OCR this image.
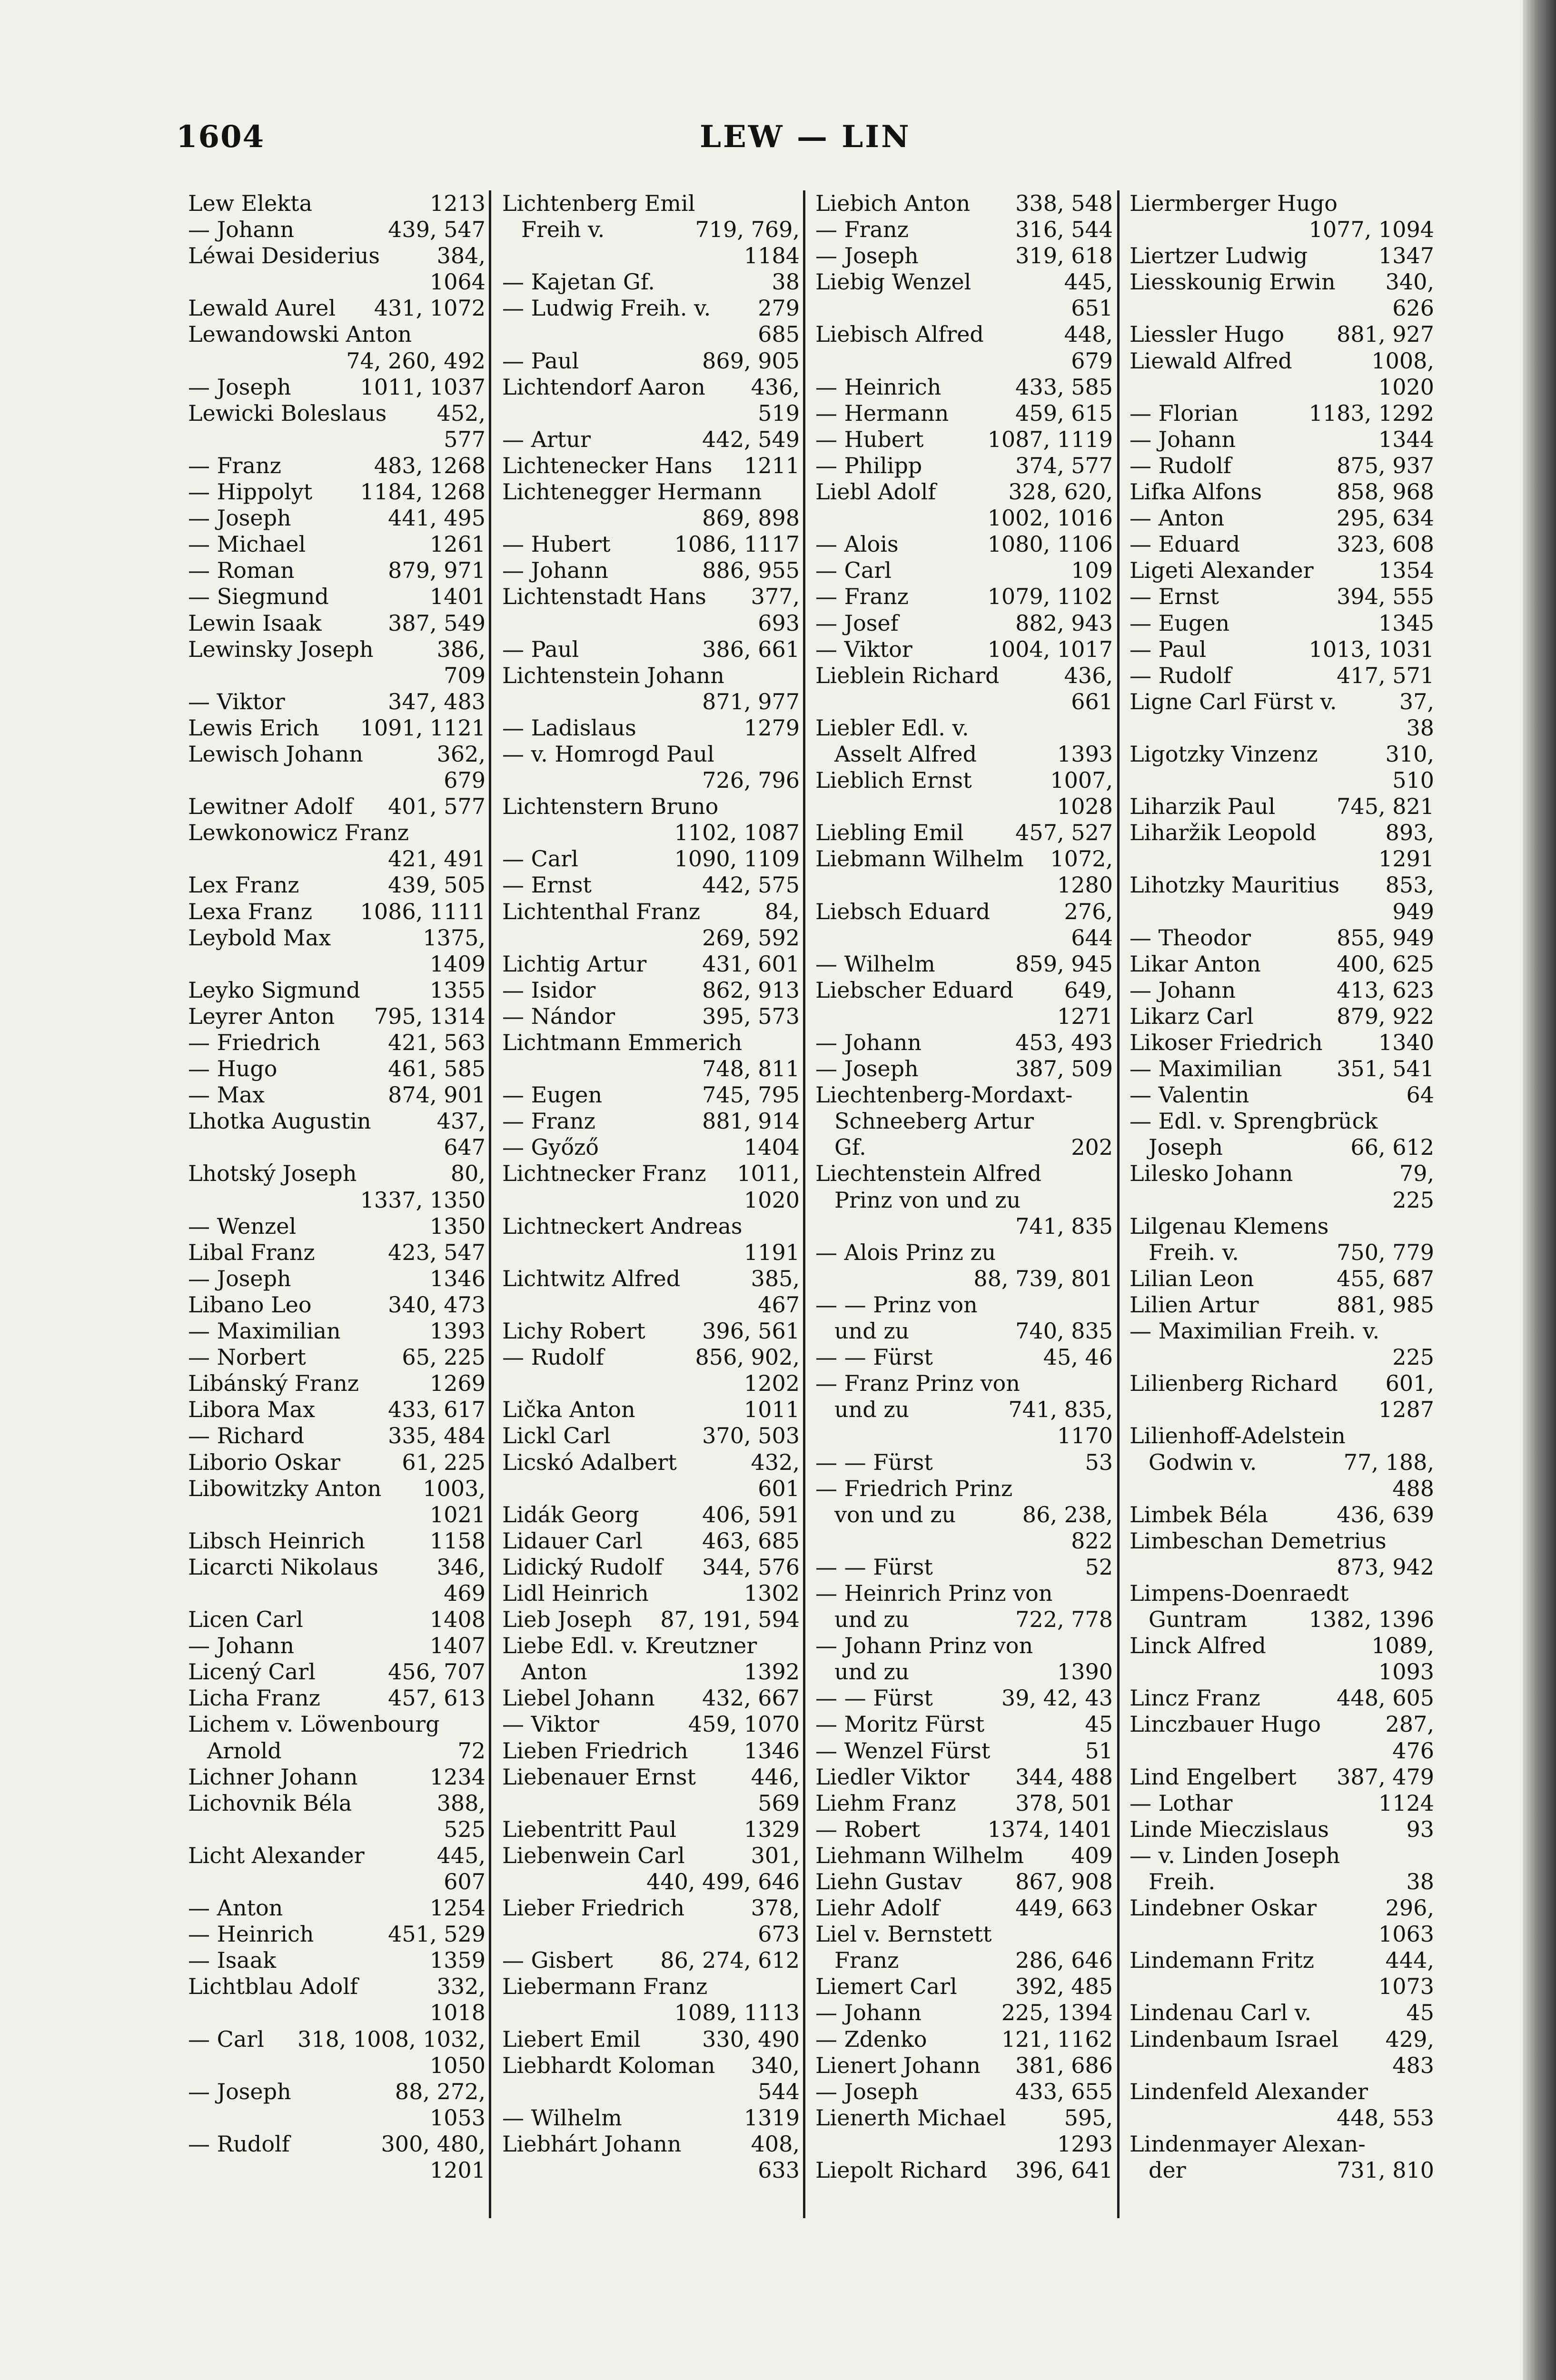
1604	LEW — LIN
Lew Elekta	1213
— Johann	439, 547
Léwai Desiderius	384,
1064
Lewald Aurel 431, 1072
Lewandowski Anton
74, 260, 492
— Joseph	1011, 1037
Lewicki Boleslaus 452,
577
— Franz	483, 1268
— Hippolyt 1184, 1268
— Joseph	441, 495
— Michael	1261
— Roman	879, 971
— Siegmund	1401
Lewin Isaak	387, 549
Lewinsky Joseph	386,
709
— Viktor	347, 483
Lewis Erich 1091, 1121
Lewisch Johann	362,
679
Lewitner Adolf 401, 577
Lewkonowicz Franz
421, 491
Lex Franz	439, 505
Lexa Franz 1086, 1111
Leybold Max	1375,
1409
Leyko Sigmund	1355
Leyrer Anton 795, 1314
— Friedrich	421, 563
— Hugo	461, 585
— Max	874, 901
Lhotka Augustin	437,
647
Lhotský Joseph	80,
1337, 1350
— Wenzel	1350
Libal Franz	423, 547
— Joseph	1346
Libano Leo	340, 473
— Maximilian	1393
— Norbert	65, 225
Libánský Franz	1269
Libora Max	433, 617
— Richard	335, 484
Liborio Oskar	61, 225
Libowitzky Anton 1003,
1021
Libsch Heinrich	1158
Licarcti Nikolaus	346,
469
Licen Carl	1408
— Johann	1407
Licený Carl	456, 707
Licha Franz	457, 613
Lichem v. Löwenbourg
Arnold	72
Lichner Johann	1234
Lichovnik Béla	388,
525
Licht Alexander	445,
607
— Anton	1254
— Heinrich	451, 529
— Isaak	1359
Lichtblau Adolf	332,
1018
— Carl 318, 1008, 1032,
1050
— Joseph	88, 272,
1053
— Rudolf	300, 480,
1201
Lichtenberg Emil
Freih v.	719, 769,
1184
— Kajetan Gf.	38
— Ludwig Freih. v. 279
685
— Paul	869, 905
Lichtendorf Aaron 436,
519
— Artur	442, 549
Lichtenecker Hans 1211
Lichtenegger Hermann
869, 898
— Hubert	1086, 1117
— Johann	886, 955
Lichtenstadt Hans 377,
693
— Paul	386, 661
Lichtenstein Johann
871, 977
— Ladislaus	1279
— v. Homrogd Paul
726, 796
Lichtenstern Bruno
1102, 1087
— Carl	1090, 1109
— Ernst	442, 575
Lichtenthal Franz	84,
269, 592
Lichtig Artur	431, 601
— Isidor	862, 913
— Nándor	395, 573
Lichtmann Emmerich
748, 811
— Eugen	745, 795
— Franz	881, 914
— Győző	1404
Lichtnecker Franz 1011,
1020
Lichtneckert Andreas
1191
Lichtwitz Alfred	385,
467
Lichy Robert	396, 561
— Rudolf	856, 902,
1202
Lička Anton	1011
Lickl Carl	370, 503
Licskó Adalbert	432,
601
Lidák Georg	406, 591
Lidauer Carl	463, 685
Lidický Rudolf 344, 576
Lidl Heinrich	1302
Lieb Joseph 87, 191, 594
Liebe Edl. v. Kreutzner
Anton	1392
Liebel Johann 432, 667
— Viktor	459, 1070
Lieben Friedrich	1346
Liebenauer Ernst	446,
569
Liebentritt Paul	1329
Liebenwein Carl	301,
440, 499, 646
Lieber Friedrich	378,
673
— Gisbert 86, 274, 612
Liebermann Franz
1089, 1113
Liebert Emil	330, 490
Liebhardt Koloman 340,
544
— Wilhelm	1319
Liebhárt Johann	408,
633
Liebich Anton 338, 548
— Franz	316, 544
— Joseph	319, 618
Liebig Wenzel	445,
651
Liebisch Alfred	448,
679
— Heinrich	433, 585
— Hermann	459, 615
— Hubert	1087, 1119
— Philipp	374, 577
Liebl Adolf	328, 620,
1002, 1016
— Alois	1080, 1106
— Carl	109
— Franz	1079, 1102
— Josef	882, 943
— Viktor	1004, 1017
Lieblein Richard	436,
661
Liebler Edl. v.
Asselt Alfred	1393
Lieblich Ernst	1007,
1028
Liebling Emil 457, 527
Liebmann Wilhelm 1072,
1280
Liebsch Eduard	276,
644
— Wilhelm	859, 945
Liebscher Eduard 649,
1271
— Johann	453, 493
— Joseph	387, 509
Liechtenberg-Mordaxt-
Schneeberg Artur
Gf.	202
Liechtenstein Alfred
Prinz von und zu
741, 835
— Alois Prinz zu
88, 739, 801
— — Prinz von
und zu	740, 835
— — Fürst	45, 46
— Franz Prinz von
und zu	741, 835,
1170
— — Fürst	53
— Friedrich Prinz
von und zu	86, 238,
822
— — Fürst	52
— Heinrich Prinz von
und zu	722, 778
— Johann Prinz von
und zu	1390
— — Fürst	39, 42, 43
— Moritz Fürst	45
— Wenzel Fürst	51
Liedler Viktor 344, 488
Liehm Franz	378, 501
— Robert	1374, 1401
Liehmann Wilhelm 409
Liehn Gustav 867, 908
Liehr Adolf	449, 663
Liel v. Bernstett
Franz	286, 646
Liemert Carl	392, 485
— Johann	225, 1394
— Zdenko	121, 1162
Lienert Johann 381, 686
— Joseph	433, 655
Lienerth Michael	595,
1293
Liepolt Richard 396, 641
Liermberger Hugo
1077, 1094
Liertzer Ludwig	1347
Liesskounig Erwin 340,
626
Liessler Hugo 881, 927
Liewald Alfred	1008,
1020
— Florian	1183, 1292
— Johann	1344
— Rudolf	875, 937
Lifka Alfons	858, 968
— Anton	295, 634
— Eduard	323, 608
Ligeti Alexander	1354
— Ernst	394, 555
— Eugen	1345
— Paul	1013, 1031
— Rudolf	417, 571
Ligne Carl Fürst v.	37,
38
Ligotzky Vinzenz	310,
510
Liharzik Paul	745, 821
Liharžik Leopold	893,
1291
Lihotzky Mauritius 853,
949
— Theodor	855, 949
Likar Anton	400, 625
— Johann	413, 623
Likarz Carl	879, 922
Likoser Friedrich	1340
— Maximilian 351, 541
— Valentin	64
— Edl. v. Sprengbrück
Joseph	66, 612
Lilesko Johann	79,
225
Lilgenau Klemens
Freih. v.	750, 779
Lilian Leon	455, 687
Lilien Artur	881, 985
— Maximilian Freih. v.
225
Lilienberg Richard 601,
1287
Lilienhoff-Adelstein
Godwin v.	77, 188,
488
Limbek Béla	436, 639
Limbeschan Demetrius
873, 942
Limpens-Doenraedt
Guntram	1382, 1396
Linck Alfred	1089,
1093
Lincz Franz	448, 605
Linczbauer Hugo	287,
476
Lind Engelbert 387, 479
— Lothar	1124
Linde Mieczislaus	93
— v. Linden Joseph
Freih.	38
Lindebner Oskar	296,
1063
Lindemann Fritz	444,
1073
Lindenau Carl v.	45
Lindenbaum Israel 429,
483
Lindenfeld Alexander
448, 553
Lindenmayer Alexan-
der	731, 810
